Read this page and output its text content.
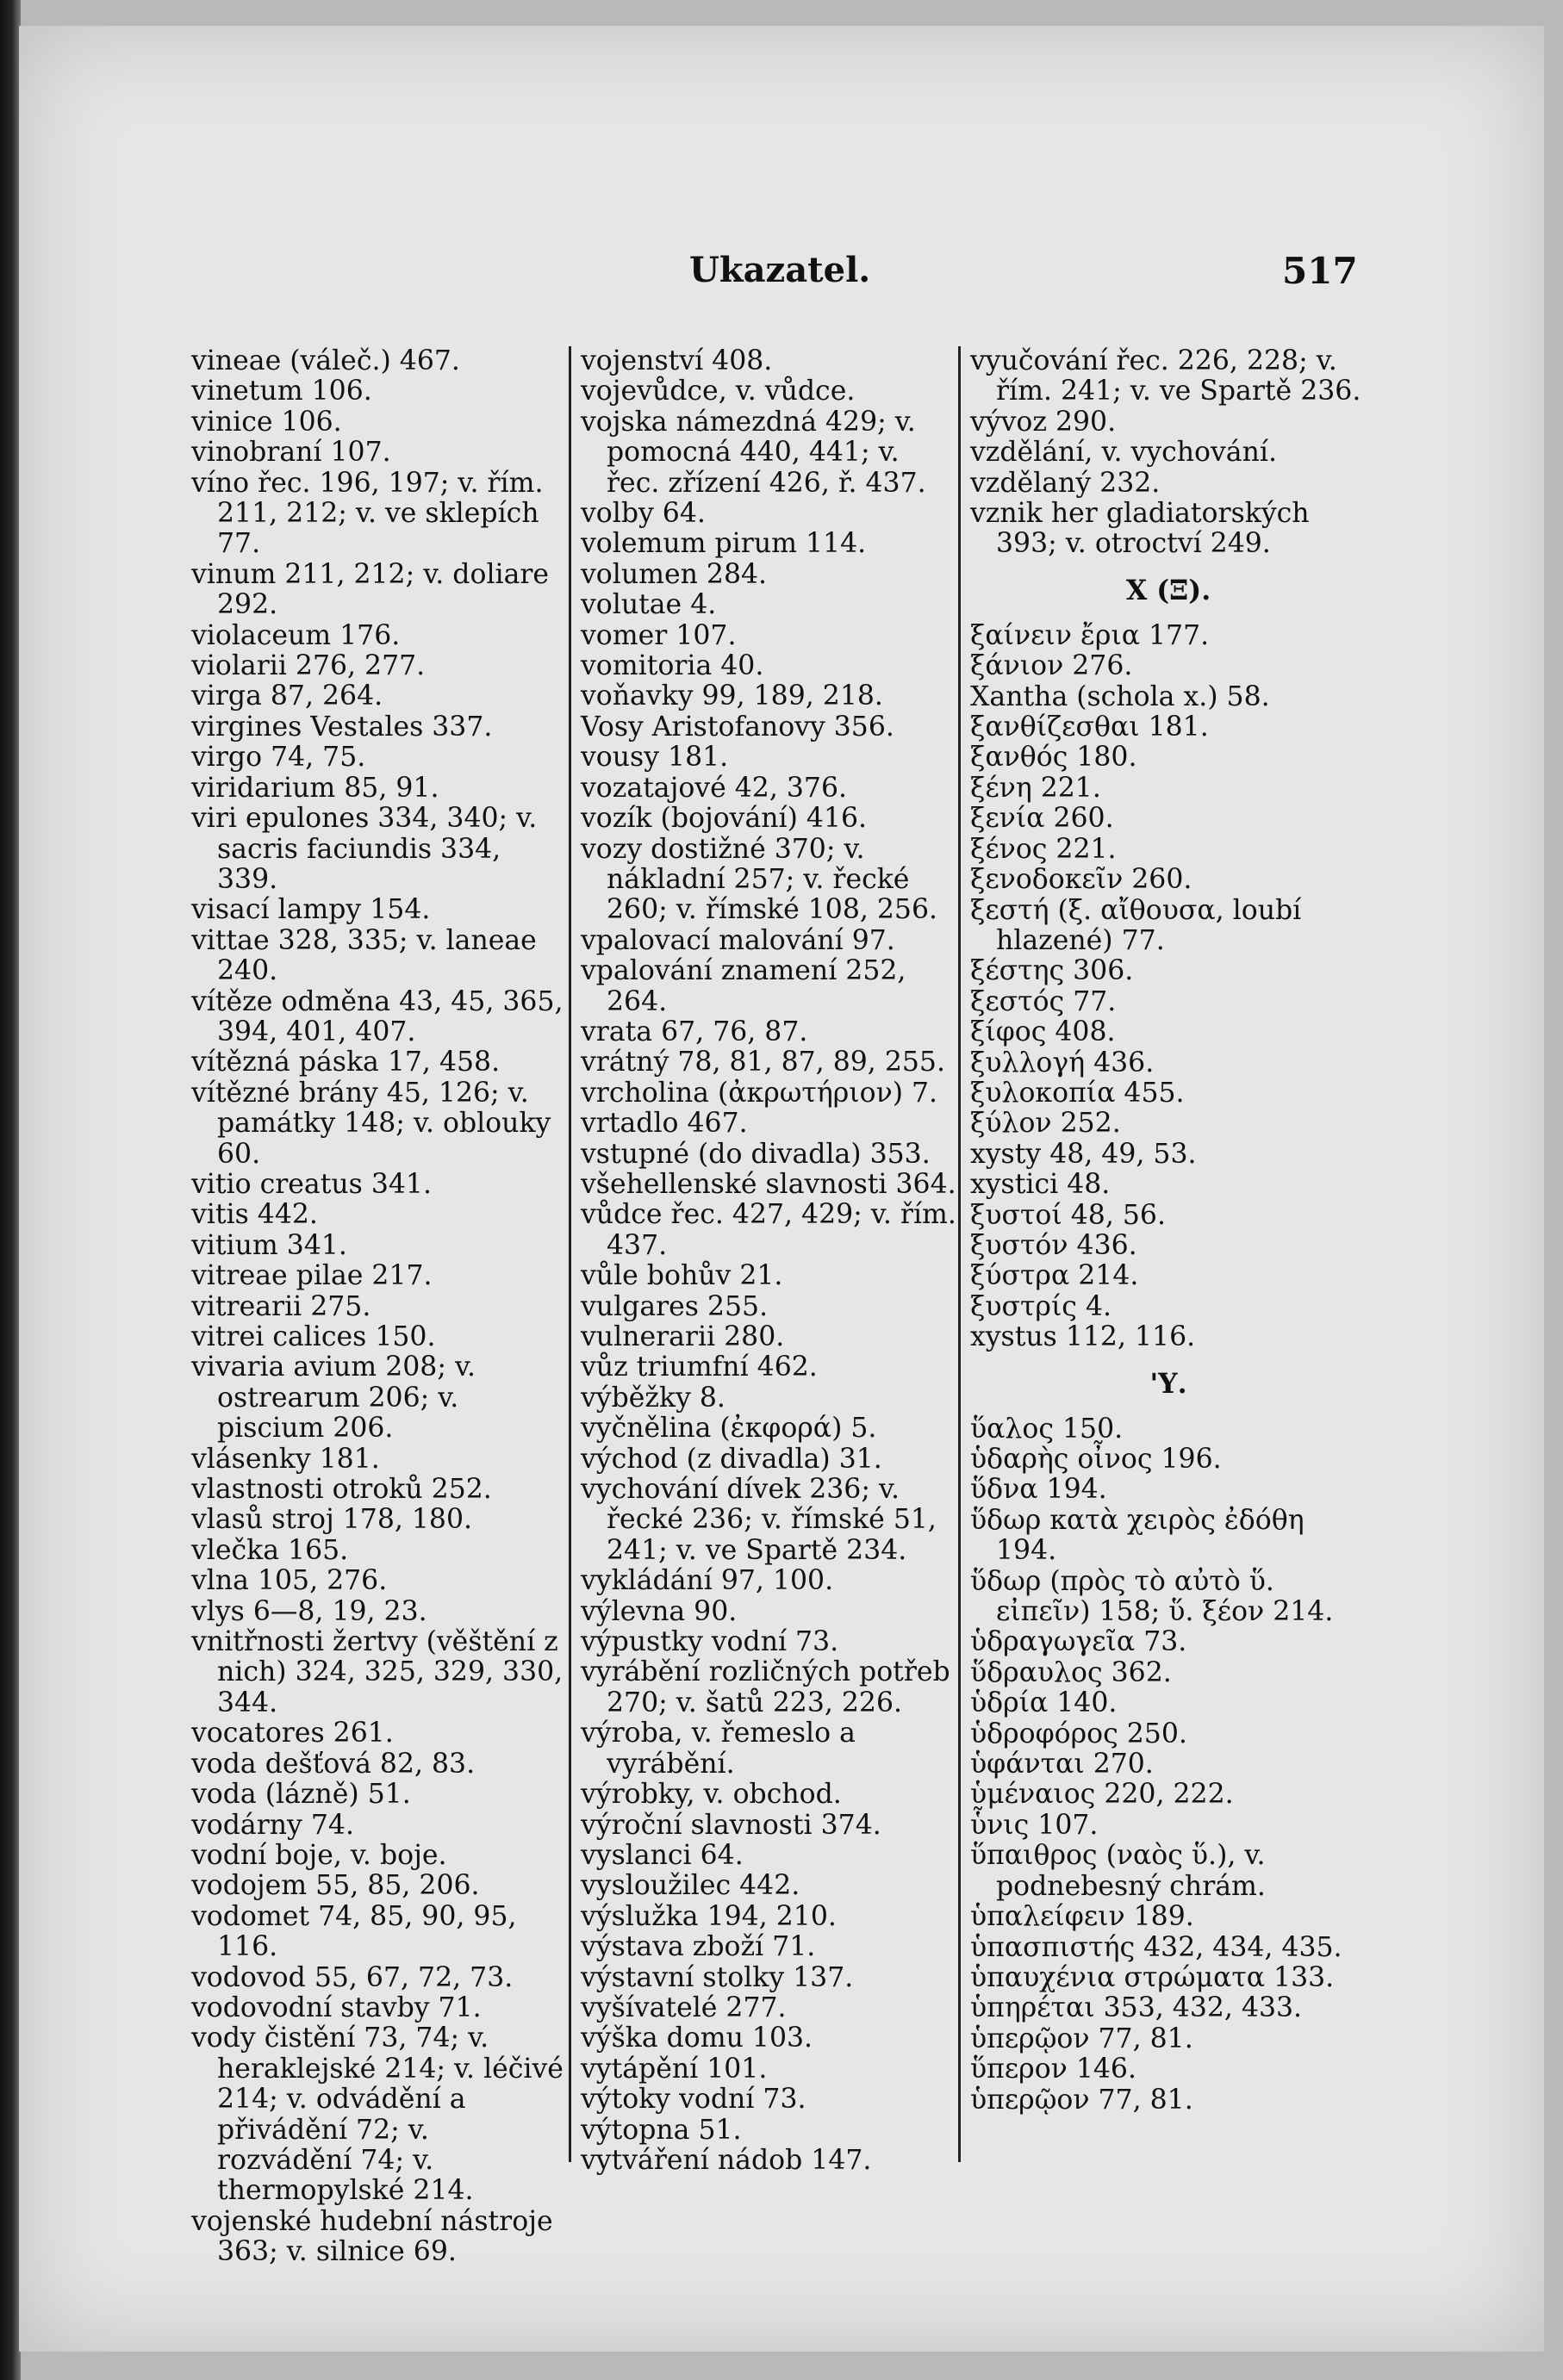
Ukazatel.	517
vineae (váleč.) 467.
vinetum 106.
vinice 106.
vinobraní 107.
víno řec. 196, 197; v. řím. 211, 212; v. ve sklepích 77.
vinum 211, 212; v. doliare 292.
violaceum 176.
violarii 276, 277.
virga 87, 264.
virgines Vestales 337.
virgo 74, 75.
viridarium 85, 91.
viri epulones 334, 340; v. sacris faciundis 334, 339.
visací lampy 154.
vittae 328, 335; v. laneae 240.
vítěze odměna 43, 45, 365, 394, 401, 407.
vítězná páska 17, 458.
vítězné brány 45, 126; v. památky 148; v. oblouky 60.
vitio creatus 341.
vitis 442.
vitium 341.
vitreae pilae 217.
vitrearii 275.
vitrei calices 150.
vivaria avium 208; v. ostrearum 206; v. piscium 206.
vlásenky 181.
vlastnosti otroků 252.
vlasů strој 178, 180.
vlečka 165.
vlna 105, 276.
vlys 6—8, 19, 23.
vnitřnosti žertvy (věštění z nich) 324, 325, 329, 330, 344.
vocatores 261.
voda dešťová 82, 83.
voda (lázně) 51.
vodárny 74.
vodní boje, v. boje.
vodojem 55, 85, 206.
vodomet 74, 85, 90, 95, 116.
vodovod 55, 67, 72, 73.
vodovodní stavby 71.
vody čistění 73, 74; v. heraklejské 214; v. léčivé 214; v. odvádění a přivádění 72; v. rozvádění 74; v. thermopylské 214.
vojenské hudební nástroje 363; v. silnice 69.
vojenství 408.
vojevůdce, v. vůdce.
vojska námezdná 429; v. pomocná 440, 441; v. řec. zřízení 426, ř. 437.
volby 64.
volemum pirum 114.
volumen 284.
volutae 4.
vomer 107.
vomitoria 40.
voňavky 99, 189, 218.
Vosy Aristofanovy 356.
vousy 181.
vozatajové 42, 376.
vozík (bojování) 416.
vozy dostižné 370; v. nákladní 257; v. řecké 260; v. římské 108, 256.
vpalovací malování 97.
vpalování znamení 252, 264.
vrata 67, 76, 87.
vrátný 78, 81, 87, 89, 255.
vrcholina (ἀκρωτήριον) 7.
vrtadlo 467.
vstupné (do divadla) 353.
všehellenské slavnosti 364.
vůdce řec. 427, 429; v. řím. 437.
vůle bohův 21.
vulgares 255.
vulnerarii 280.
vůz triumfní 462.
výběžky 8.
vyčnělina (ἐκφορά) 5.
východ (z divadla) 31.
vychování dívek 236; v. řecké 236; v. římské 51, 241; v. ve Spartě 234.
vykládání 97, 100.
výlevna 90.
výpustky vodní 73.
vyrábění rozličných potřeb 270; v. šatů 223, 226.
výroba, v. řemeslo a vyrábění.
výrobky, v. obchod.
výroční slavnosti 374.
vyslanci 64.
vysloužilec 442.
výslužka 194, 210.
výstava zboží 71.
výstavní stolky 137.
vyšívatelé 277.
výška domu 103.
vytápění 101.
výtoky vodní 73.
výtopna 51.
vytváření nádob 147.
vyučování řec. 226, 228; v. řím. 241; v. ve Spartě 236.
vývoz 290.
vzdělání, v. vychování.
vzdělaný 232.
vznik her gladiatorských 393; v. otroctví 249.
X (Ξ).
ξαίνειν ἔρια 177.
ξάνιον 276.
Xantha (schola x.) 58.
ξανθίζεσθαι 181.
ξανθός 180.
ξένη 221.
ξενία 260.
ξένος 221.
ξενοδοκεῖν 260.
ξεστή (ξ. αἴθουσα, loubí hlazené) 77.
ξέστης 306.
ξεστός 77.
ξίφος 408.
ξυλλογή 436.
ξυλοκοπία 455.
ξύλον 252.
xysty 48, 49, 53.
xystici 48.
ξυστοί 48, 56.
ξυστόν 436.
ξύστρα 214.
ξυστρίς 4.
xystus 112, 116.
'Υ.
ὕαλος 150.
ὑδαρὴς οἶνος 196.
ὕδνα 194.
ὕδωρ κατὰ χειρὸς ἐδόθη 194.
ὕδωρ (πρὸς τὸ αὐτὸ ὕ. εἰπεῖν) 158; ὕ. ξέον 214.
ὑδραγωγεῖα 73.
ὕδραυλος 362.
ὑδρία 140.
ὑδροφόρος 250.
ὑφάνται 270.
ὑμέναιος 220, 222.
ὗνις 107.
ὕπαιθρος (ναὸς ὕ.), v. podnebesný chrám.
ὑπαλείφειν 189.
ὑπασπιστής 432, 434, 435.
ὑπαυχένια στρώματα 133.
ὑπηρέται 353, 432, 433.
ὑπερῷον 77, 81.
ὕπερον 146.
ὑπερῷον 77, 81.
